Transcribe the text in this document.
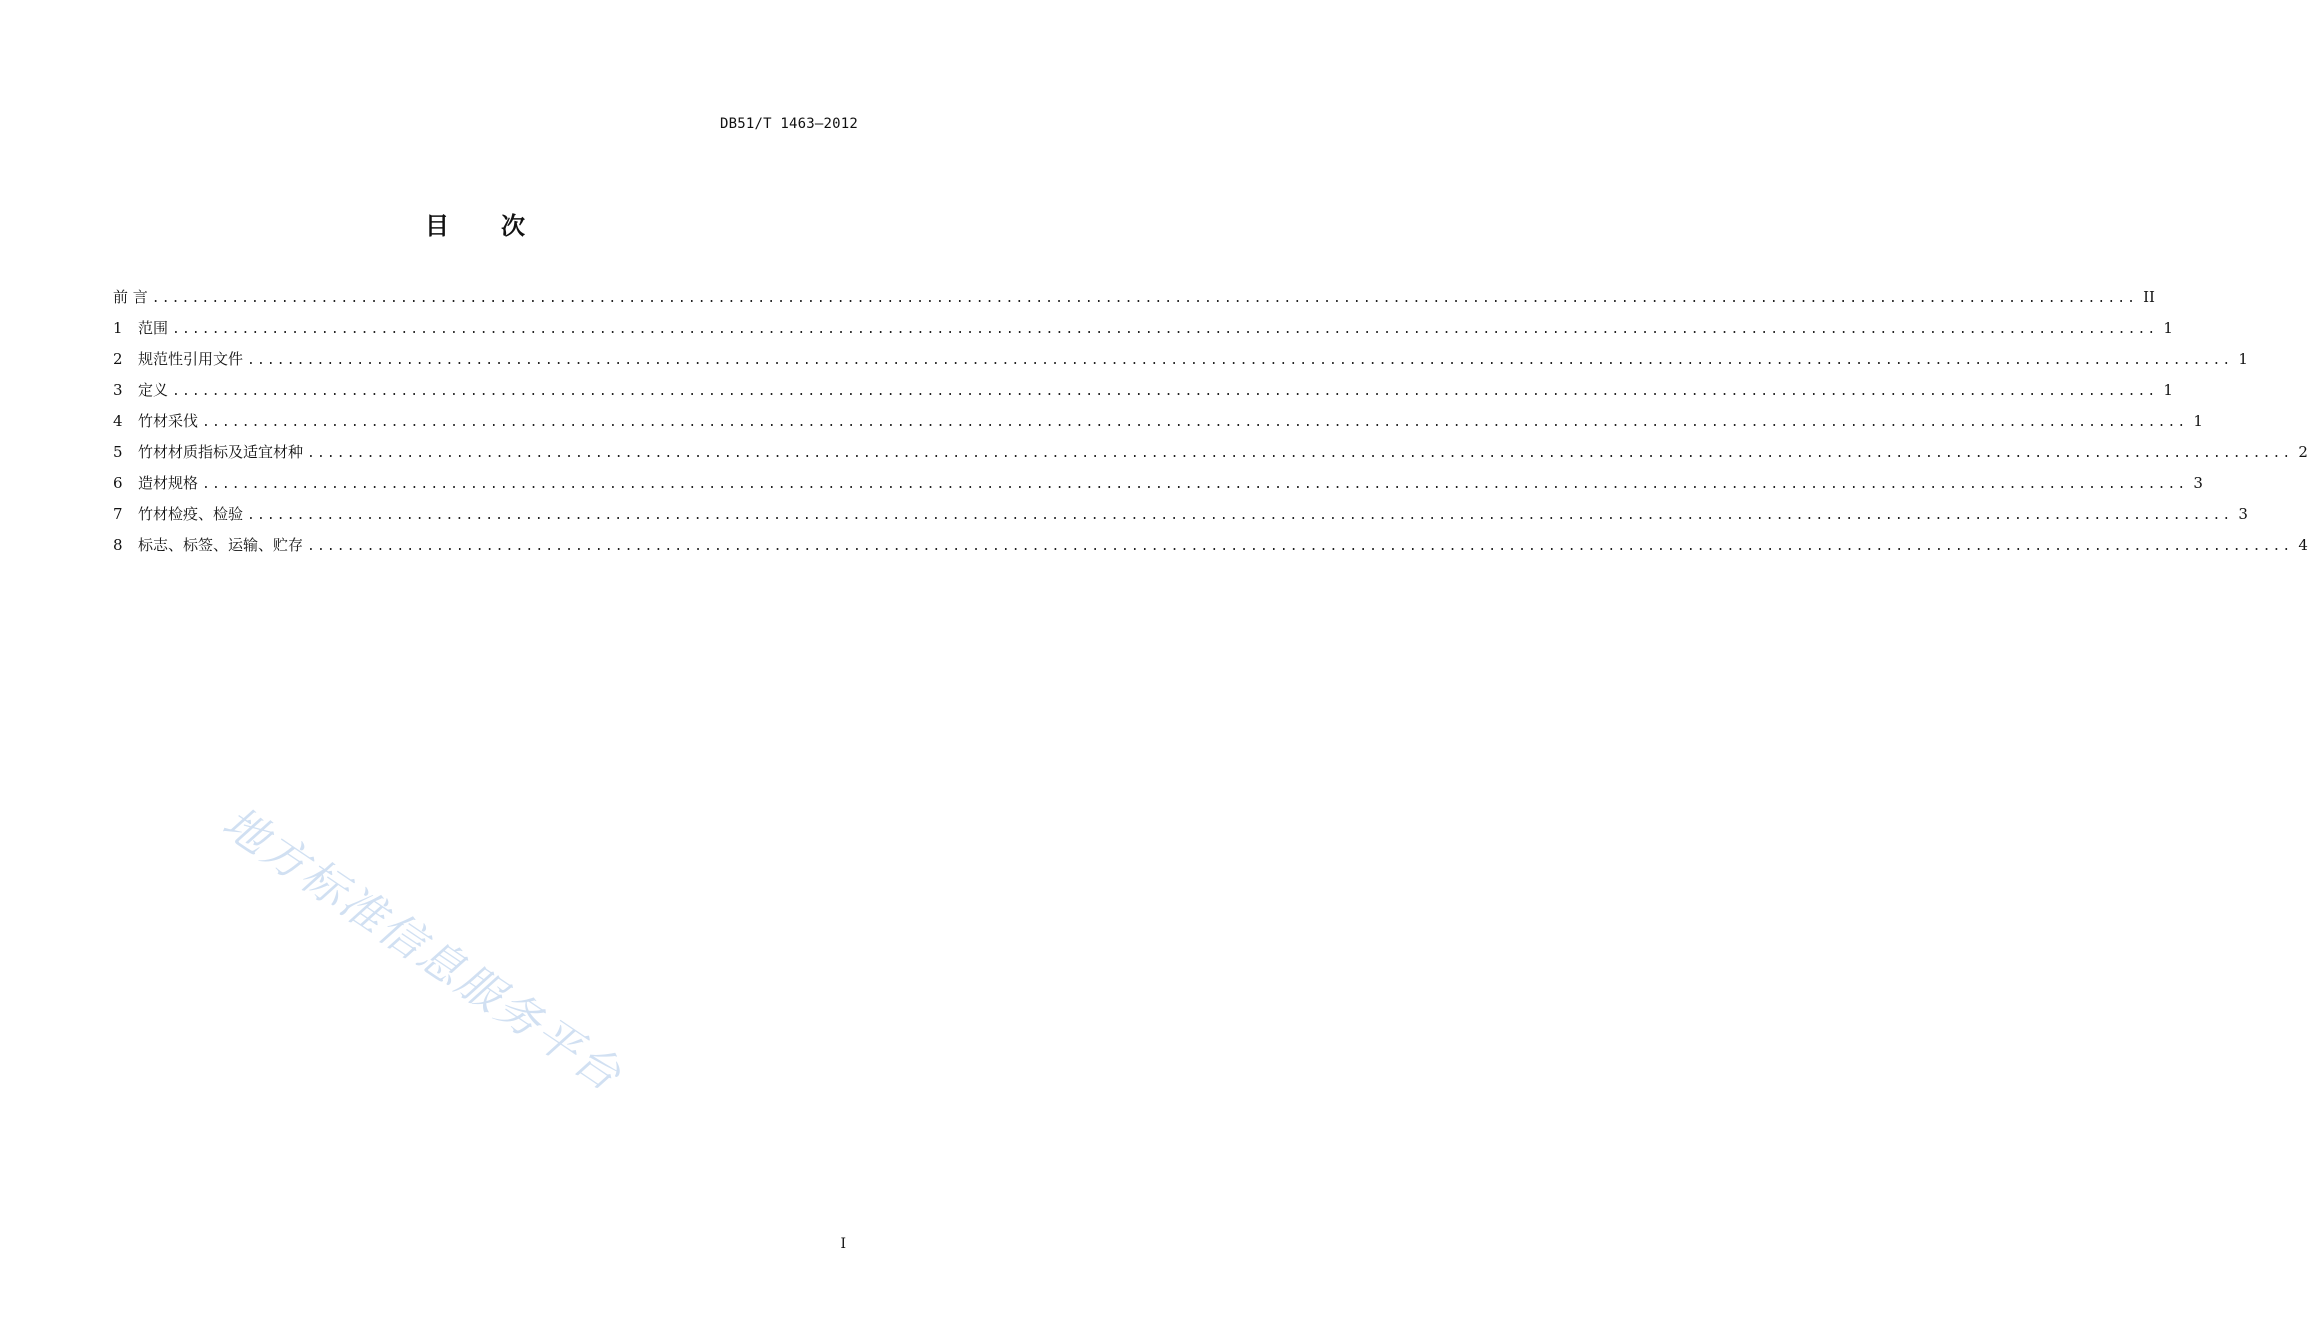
DB51/T 1463—2012
目 次
前 言 ........................................................................................................................................................................................................ II
1	范围 ........................................................................................................................................................................................................ 1
2	规范性引用文件 ........................................................................................................................................................................................................ 1
3	定义 ........................................................................................................................................................................................................ 1
4	竹材采伐 ........................................................................................................................................................................................................ 1
5	竹材材质指标及适宜材种 ........................................................................................................................................................................................................ 2
6	造材规格 ........................................................................................................................................................................................................ 3
7	竹材检疫、检验 ........................................................................................................................................................................................................ 3
8	标志、标签、运输、贮存 ........................................................................................................................................................................................................ 4
地方标准信息服务平台
I
